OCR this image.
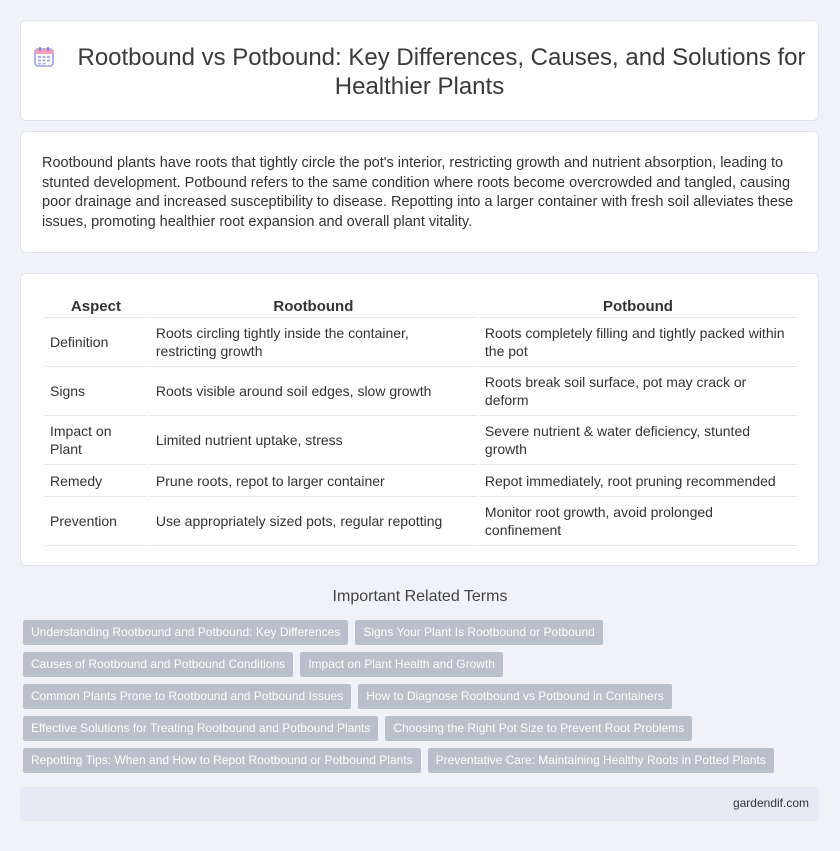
Rootbound vs Potbound: Key Differences, Causes, and Solutions for Healthier Plants

Rootbound plants have roots that tightly circle the pot's interior, restricting growth and nutrient absorption, leading to stunted development. Potbound refers to the same condition where roots become overcrowded and tangled, causing poor drainage and increased susceptibility to disease. Repotting into a larger container with fresh soil alleviates these issues, promoting healthier root expansion and overall plant vitality.

Aspect	Rootbound	Potbound
Definition	Roots circling tightly inside the container, restricting growth	Roots completely filling and tightly packed within the pot
Signs	Roots visible around soil edges, slow growth	Roots break soil surface, pot may crack or deform
Impact on Plant	Limited nutrient uptake, stress	Severe nutrient & water deficiency, stunted growth
Remedy	Prune roots, repot to larger container	Repot immediately, root pruning recommended
Prevention	Use appropriately sized pots, regular repotting	Monitor root growth, avoid prolonged confinement
Important Related Terms
Understanding Rootbound and Potbound: Key Differences	Signs Your Plant Is Rootbound or Potbound
Causes of Rootbound and Potbound Conditions	Impact on Plant Health and Growth
Common Plants Prone to Rootbound and Potbound Issues	How to Diagnose Rootbound vs Potbound in Containers
Effective Solutions for Treating Rootbound and Potbound Plants	Choosing the Right Pot Size to Prevent Root Problems
Repotting Tips: When and How to Repot Rootbound or Potbound Plants	Preventative Care: Maintaining Healthy Roots in Potted Plants
gardendif.com
